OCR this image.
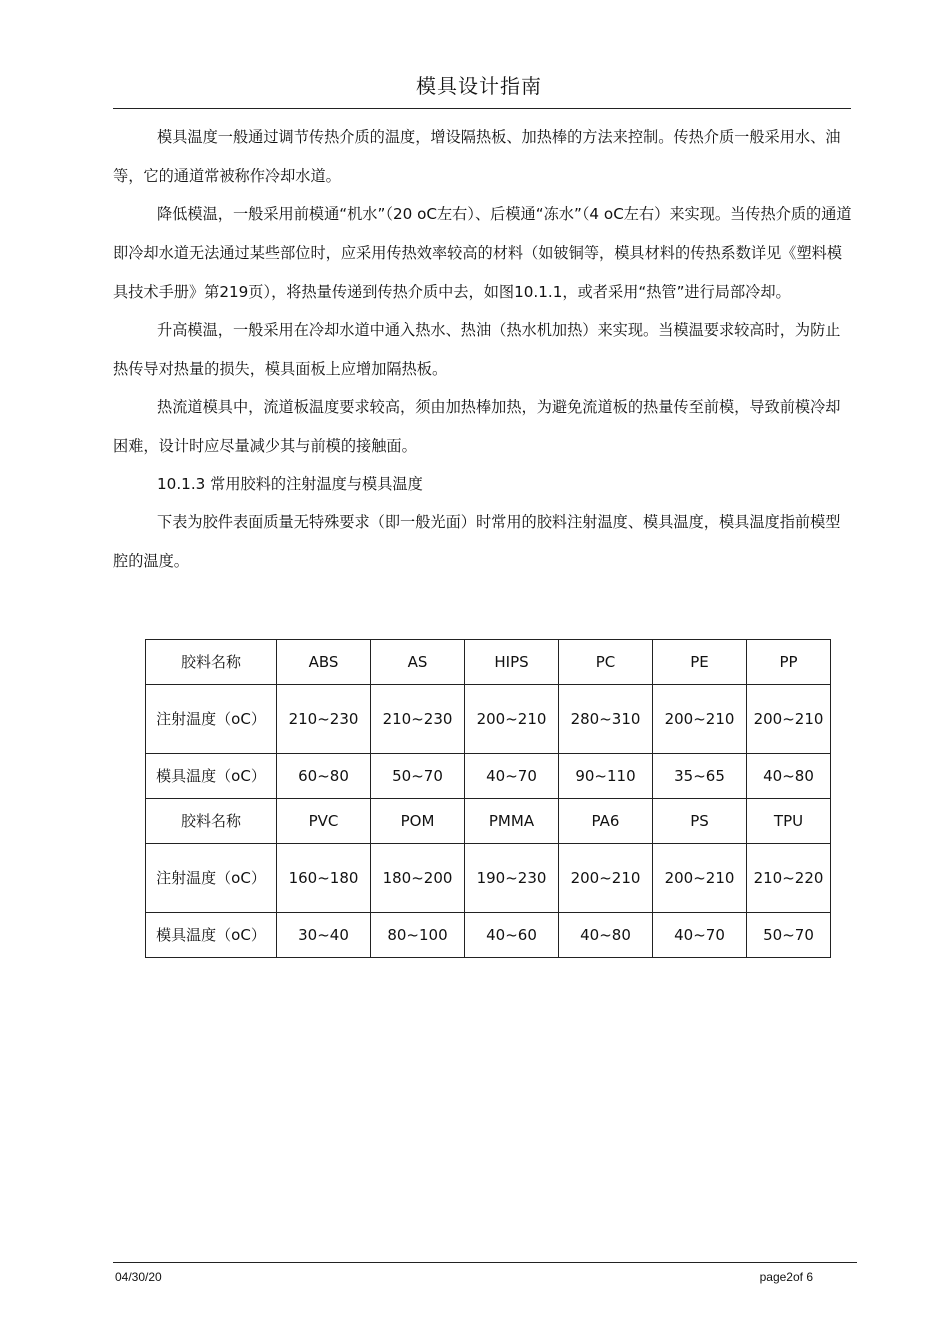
模具设计指南

模具温度一般通过调节传热介质的温度，增设隔热板、加热棒的方法来控制。传热介质一般采用水、油等，它的通道常被称作冷却水道。

降低模温，一般采用前模通“机水”（20 oC左右）、后模通“冻水”（4 oC左右）来实现。当传热介质的通道即冷却水道无法通过某些部位时，应采用传热效率较高的材料（如铍铜等，模具材料的传热系数详见《塑料模具技术手册》第219页），将热量传递到传热介质中去，如图10.1.1，或者采用“热管”进行局部冷却。

升高模温，一般采用在冷却水道中通入热水、热油（热水机加热）来实现。当模温要求较高时，为防止热传导对热量的损失，模具面板上应增加隔热板。

热流道模具中，流道板温度要求较高，须由加热棒加热，为避免流道板的热量传至前模，导致前模冷却困难，设计时应尽量减少其与前模的接触面。

10.1.3 常用胶料的注射温度与模具温度

下表为胶件表面质量无特殊要求（即一般光面）时常用的胶料注射温度、模具温度，模具温度指前模型腔的温度。

胶料名称	ABS	AS	HIPS	PC	PE	PP
注射温度（oC）	210~230	210~230	200~210	280~310	200~210	200~210
模具温度（oC）	60~80	50~70	40~70	90~110	35~65	40~80
胶料名称	PVC	POM	PMMA	PA6	PS	TPU
注射温度（oC）	160~180	180~200	190~230	200~210	200~210	210~220
模具温度（oC）	30~40	80~100	40~60	40~80	40~70	50~70
04/30/20	page2of 6
